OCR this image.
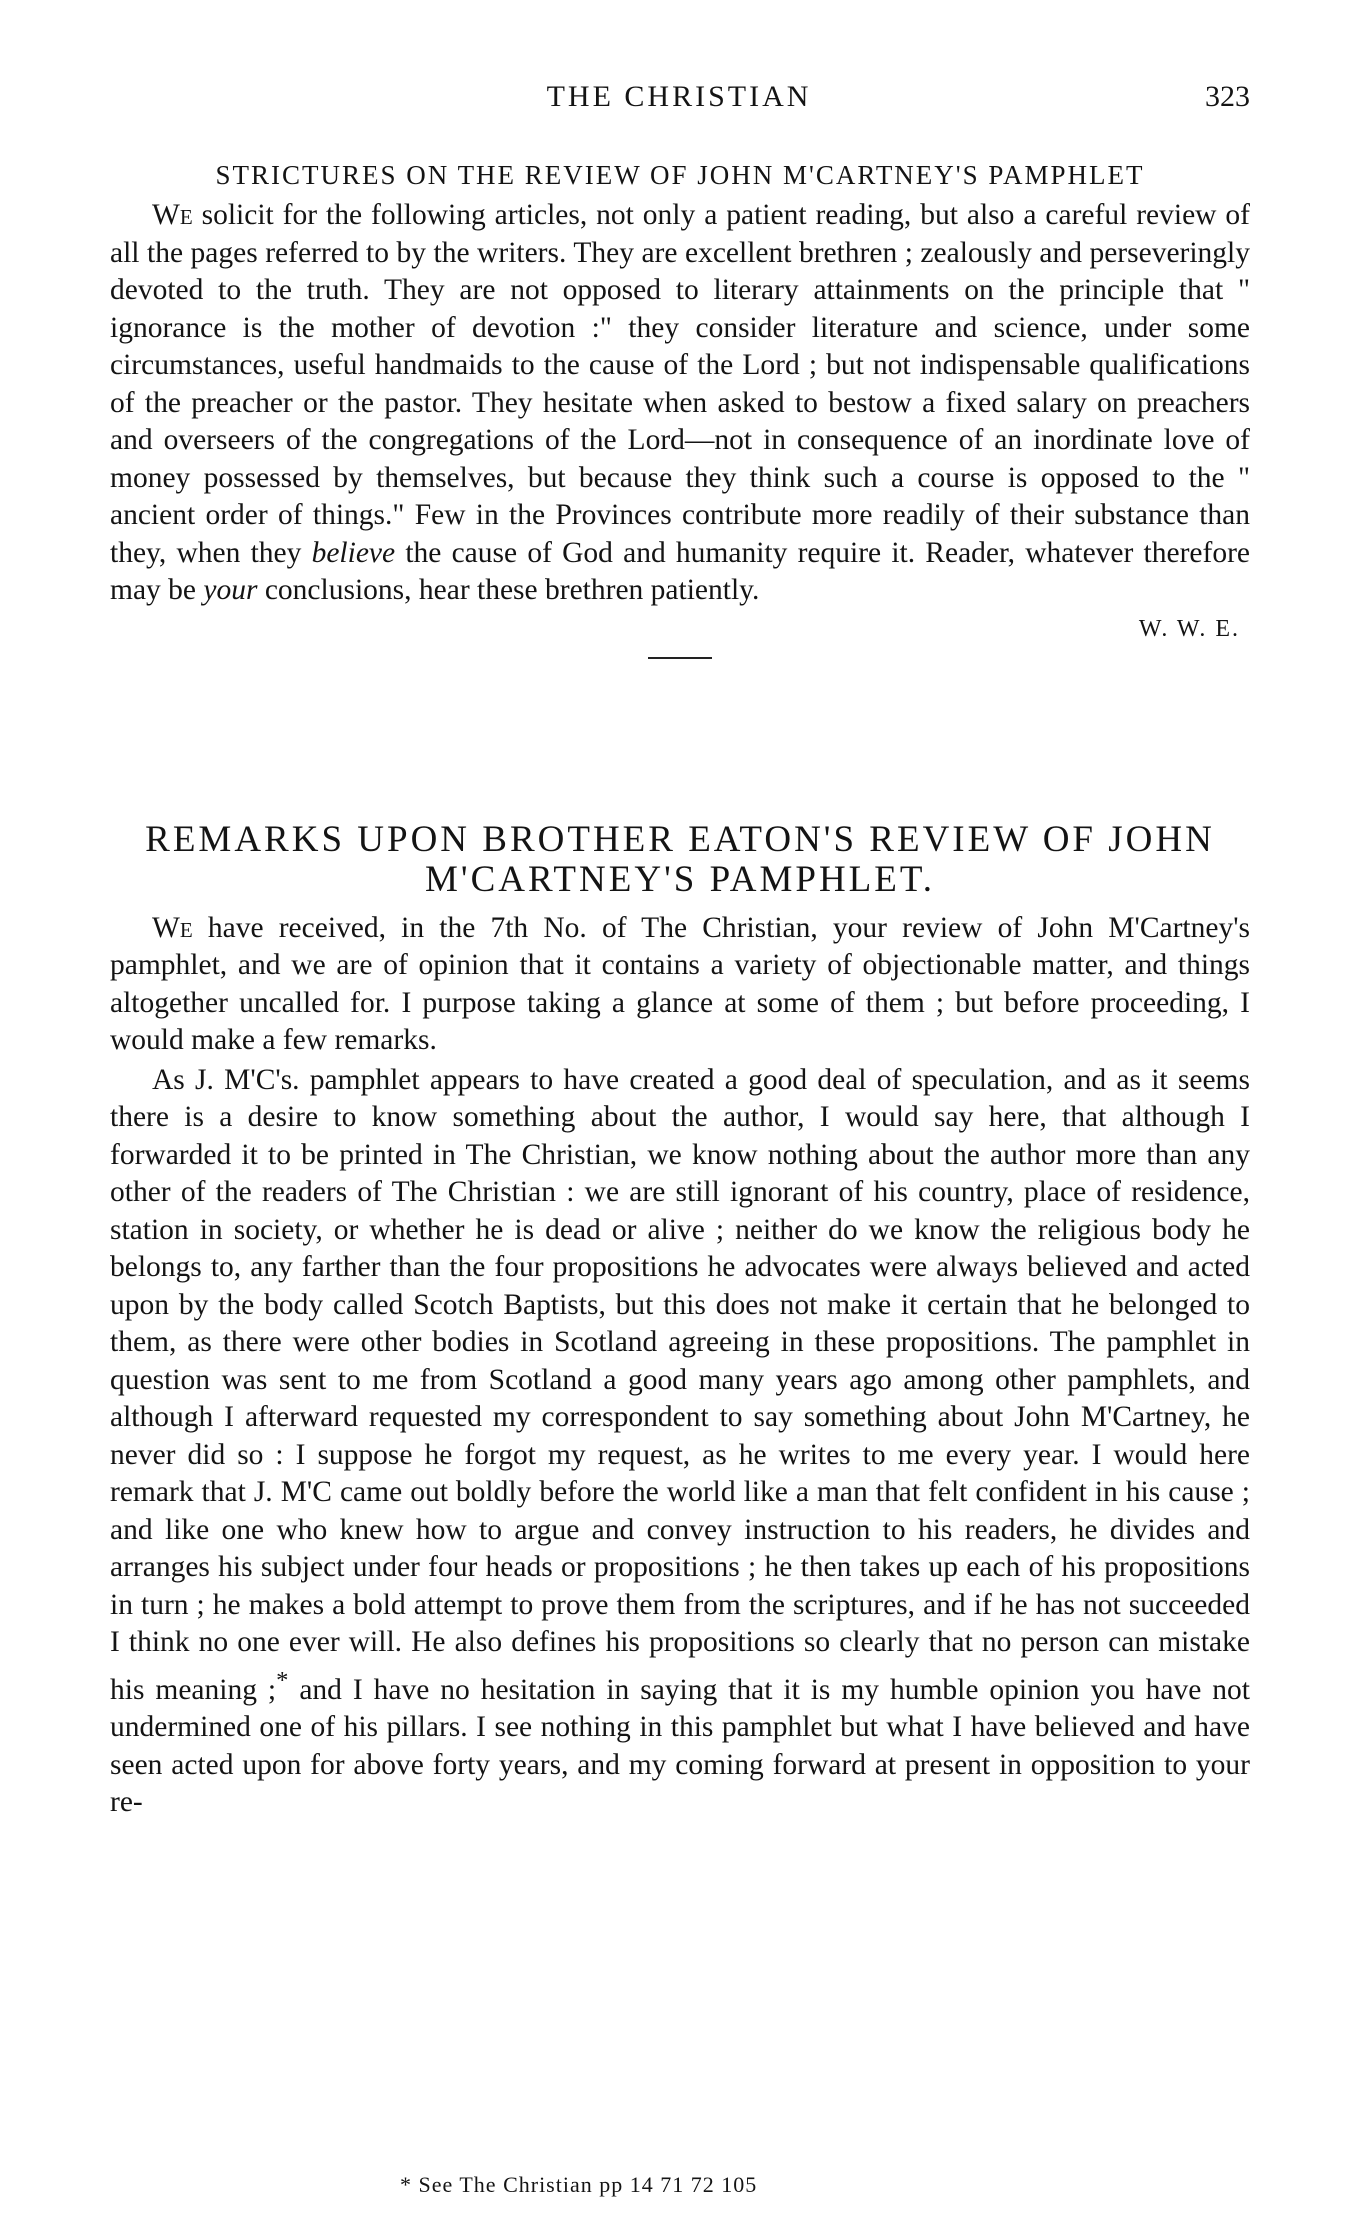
THE CHRISTIAN	323
STRICTURES ON THE REVIEW OF JOHN M'CARTNEY'S PAMPHLET

We solicit for the following articles, not only a patient reading, but also a careful review of all the pages referred to by the writers. They are excellent brethren ; zealously and perseveringly devoted to the truth. They are not opposed to literary attainments on the principle that " ignorance is the mother of devotion :" they consider literature and science, under some circumstances, useful handmaids to the cause of the Lord ; but not indispensable qualifications of the preacher or the pastor. They hesitate when asked to bestow a fixed salary on preachers and overseers of the congregations of the Lord—not in consequence of an inordinate love of money possessed by themselves, but because they think such a course is opposed to the " ancient order of things." Few in the Provinces contribute more readily of their substance than they, when they believe the cause of God and humanity require it. Reader, whatever therefore may be your conclusions, hear these brethren patiently.

W. W. E.
REMARKS UPON BROTHER EATON'S REVIEW OF JOHN M'CARTNEY'S PAMPHLET.

We have received, in the 7th No. of The Christian, your review of John M'Cartney's pamphlet, and we are of opinion that it contains a variety of objectionable matter, and things altogether uncalled for. I purpose taking a glance at some of them ; but before proceeding, I would make a few remarks.

As J. M'C's. pamphlet appears to have created a good deal of speculation, and as it seems there is a desire to know something about the author, I would say here, that although I forwarded it to be printed in The Christian, we know nothing about the author more than any other of the readers of The Christian : we are still ignorant of his country, place of residence, station in society, or whether he is dead or alive ; neither do we know the religious body he belongs to, any farther than the four propositions he advocates were always believed and acted upon by the body called Scotch Baptists, but this does not make it certain that he belonged to them, as there were other bodies in Scotland agreeing in these propositions. The pamphlet in question was sent to me from Scotland a good many years ago among other pamphlets, and although I afterward requested my correspondent to say something about John M'Cartney, he never did so : I suppose he forgot my request, as he writes to me every year. I would here remark that J. M'C came out boldly before the world like a man that felt confident in his cause ; and like one who knew how to argue and convey instruction to his readers, he divides and arranges his subject under four heads or propositions ; he then takes up each of his propositions in turn ; he makes a bold attempt to prove them from the scriptures, and if he has not succeeded I think no one ever will. He also defines his propositions so clearly that no person can mistake his meaning ;* and I have no hesitation in saying that it is my humble opinion you have not undermined one of his pillars. I see nothing in this pamphlet but what I have believed and have seen acted upon for above forty years, and my coming forward at present in opposition to your re-

* See The Christian pp 14 71 72 105
